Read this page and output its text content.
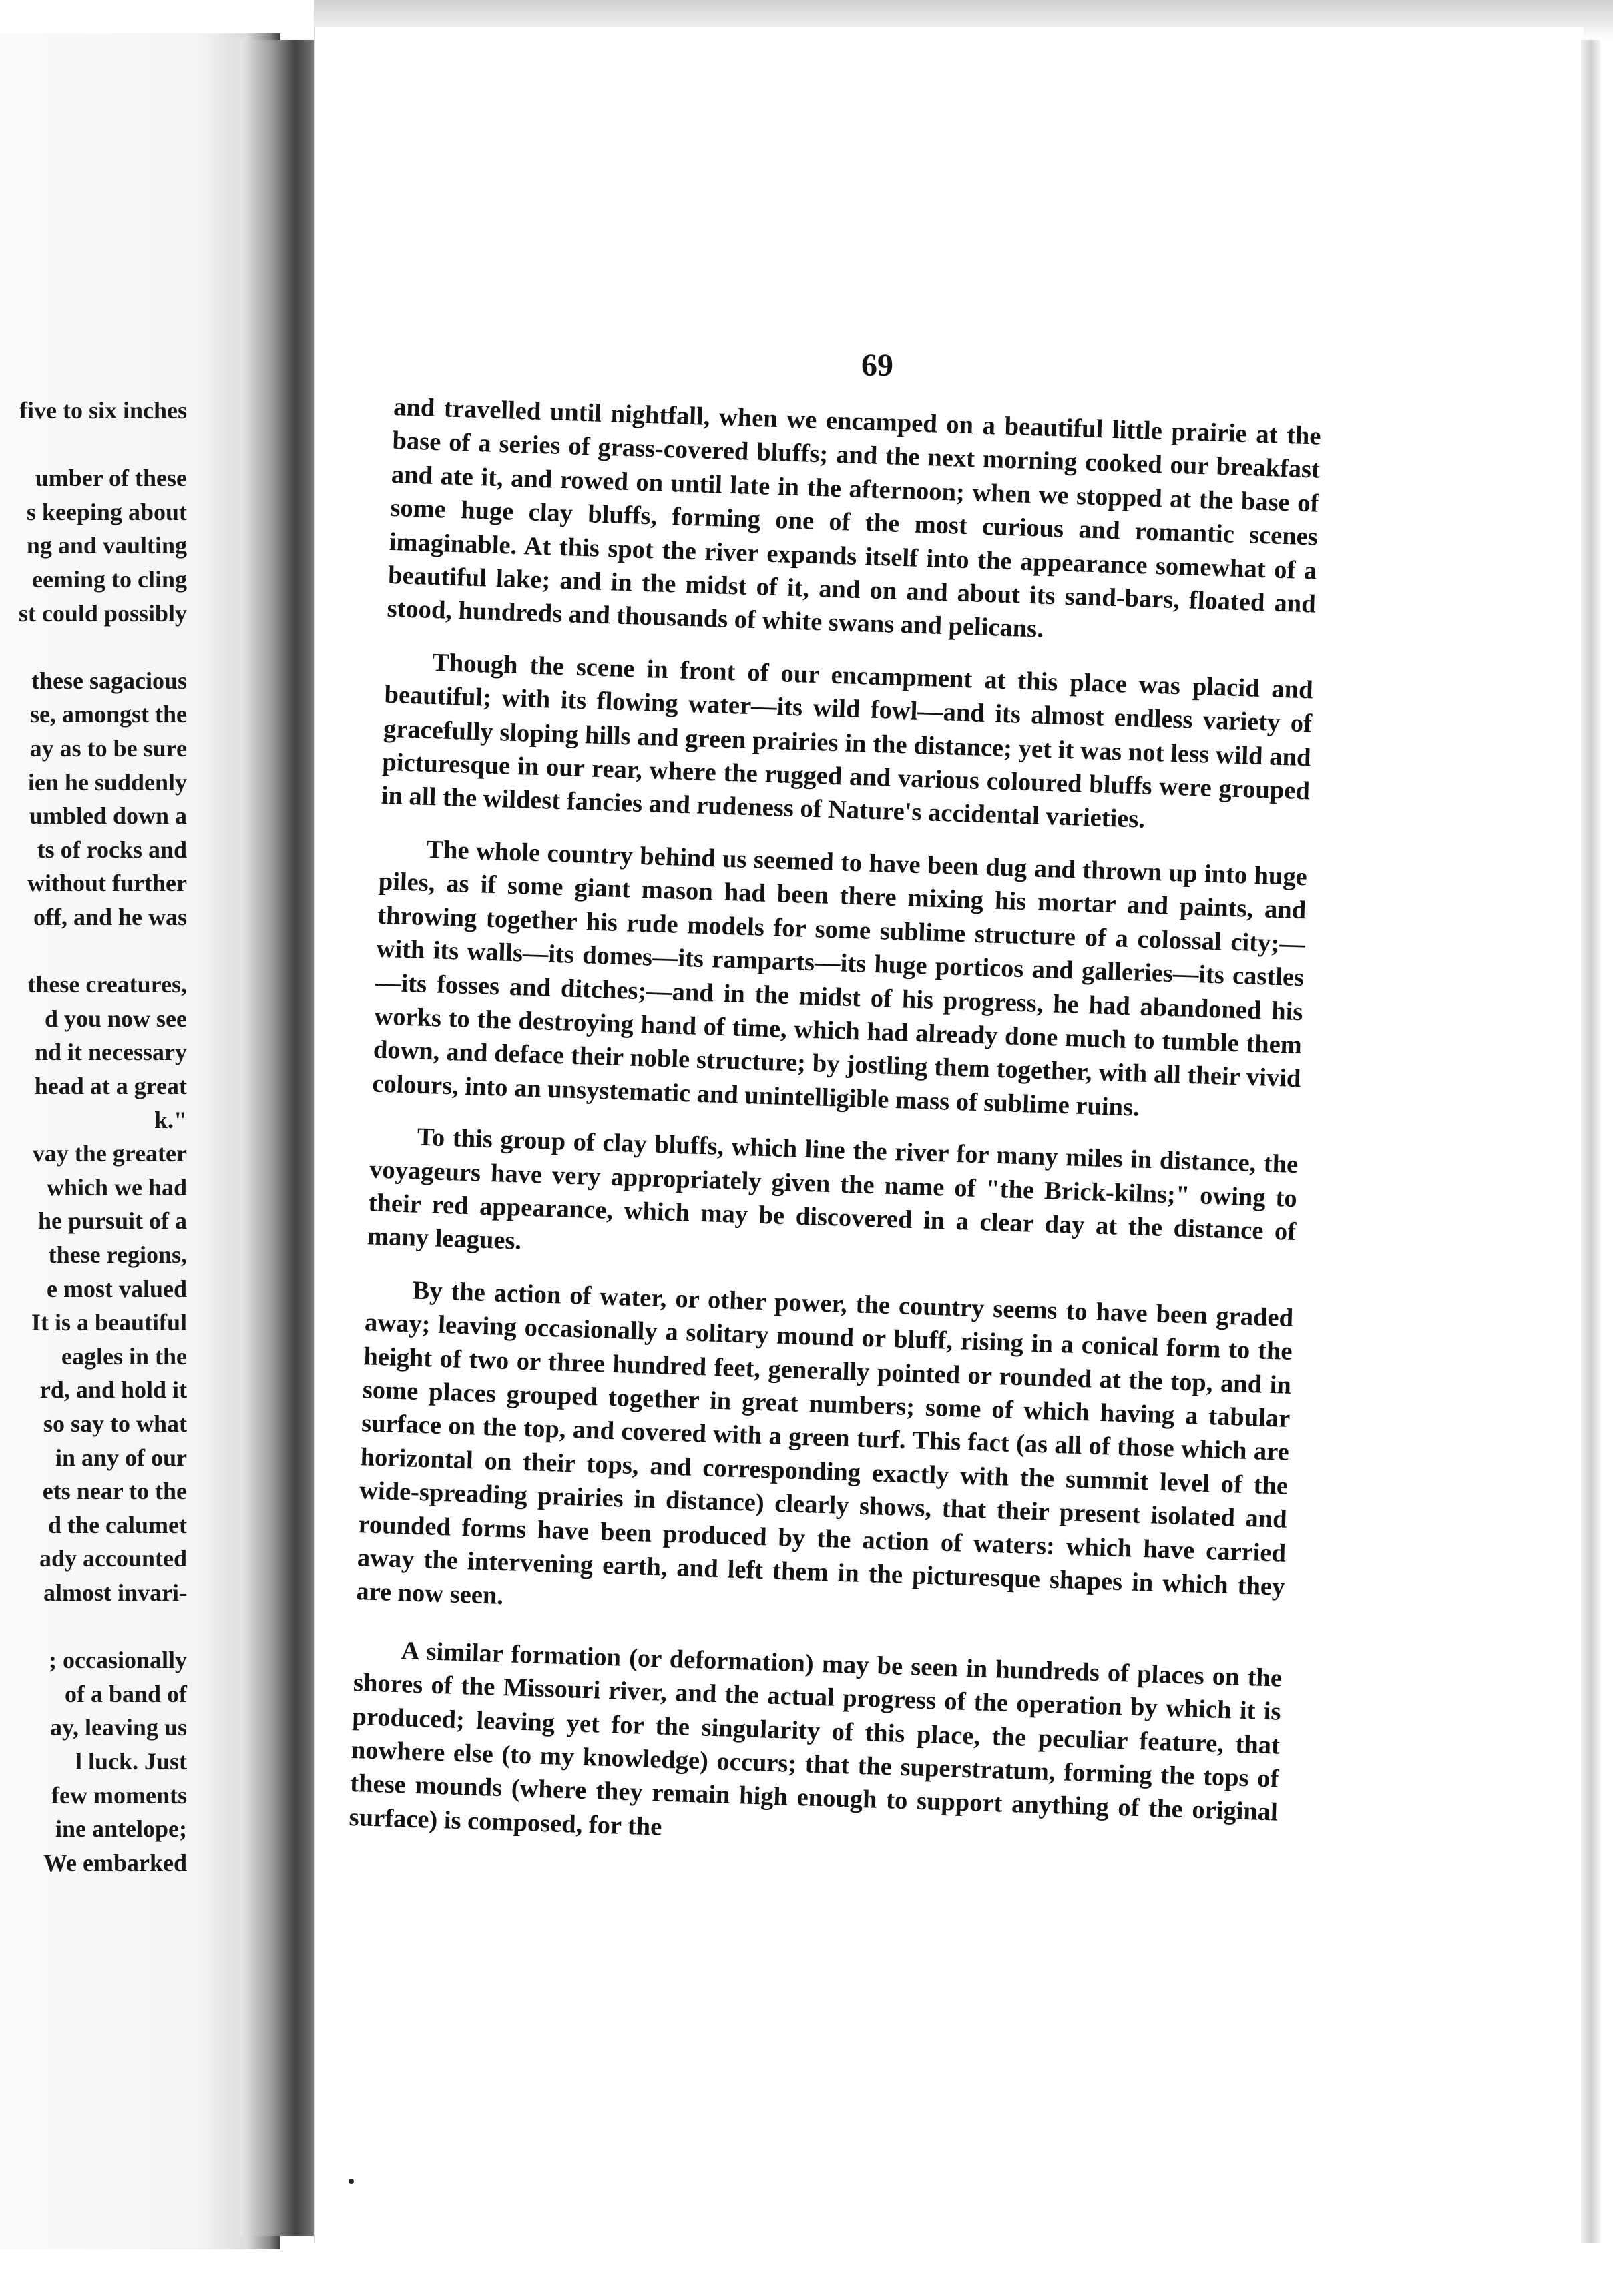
five to six inches
umber of these
s keeping about
ng and vaulting
eeming to cling
st could possibly
these sagacious
se, amongst the
ay as to be sure
ien he suddenly
umbled down a
ts of rocks and
without further
off, and he was
these creatures,
d you now see
nd it necessary
head at a great
k."
vay the greater
which we had
he pursuit of a
these regions,
e most valued
It is a beautiful
eagles in the
rd, and hold it
so say to what
in any of our
ets near to the
d the calumet
ady accounted
almost invari-
; occasionally
of a band of
ay, leaving us
l luck. Just
few moments
ine antelope;
We embarked
69

and travelled until nightfall, when we encamped on a beautiful little prairie at the base of a series of grass-covered bluffs; and the next morning cooked our breakfast and ate it, and rowed on until late in the afternoon; when we stopped at the base of some huge clay bluffs, forming one of the most curious and romantic scenes imaginable. At this spot the river expands itself into the appearance somewhat of a beautiful lake; and in the midst of it, and on and about its sand-bars, floated and stood, hundreds and thousands of white swans and pelicans.

Though the scene in front of our encampment at this place was placid and beautiful; with its flowing water—its wild fowl—and its almost endless variety of gracefully sloping hills and green prairies in the distance; yet it was not less wild and picturesque in our rear, where the rugged and various coloured bluffs were grouped in all the wildest fancies and rudeness of Nature's accidental varieties.

The whole country behind us seemed to have been dug and thrown up into huge piles, as if some giant mason had been there mixing his mortar and paints, and throwing together his rude models for some sublime structure of a colossal city;—with its walls—its domes—its ramparts—its huge porticos and galleries—its castles—its fosses and ditches;—and in the midst of his progress, he had abandoned his works to the destroying hand of time, which had already done much to tumble them down, and deface their noble structure; by jostling them together, with all their vivid colours, into an unsystematic and unintelligible mass of sublime ruins.

To this group of clay bluffs, which line the river for many miles in distance, the voyageurs have very appropriately given the name of "the Brick-kilns;" owing to their red appearance, which may be discovered in a clear day at the distance of many leagues.

By the action of water, or other power, the country seems to have been graded away; leaving occasionally a solitary mound or bluff, rising in a conical form to the height of two or three hundred feet, generally pointed or rounded at the top, and in some places grouped together in great numbers; some of which having a tabular surface on the top, and covered with a green turf. This fact (as all of those which are horizontal on their tops, and corresponding exactly with the summit level of the wide-spreading prairies in distance) clearly shows, that their present isolated and rounded forms have been produced by the action of waters: which have carried away the intervening earth, and left them in the picturesque shapes in which they are now seen.

A similar formation (or deformation) may be seen in hundreds of places on the shores of the Missouri river, and the actual progress of the operation by which it is produced; leaving yet for the singularity of this place, the peculiar feature, that nowhere else (to my knowledge) occurs; that the superstratum, forming the tops of these mounds (where they remain high enough to support anything of the original surface) is composed, for the
